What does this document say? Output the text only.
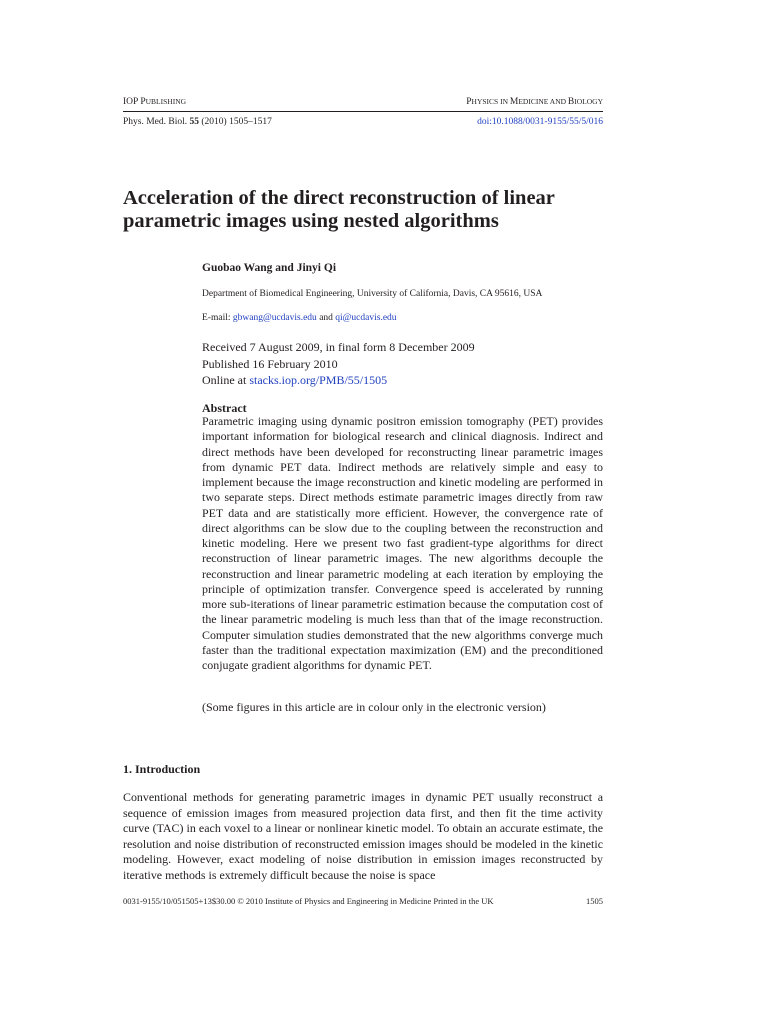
IOP PUBLISHING	PHYSICS IN MEDICINE AND BIOLOGY
Phys. Med. Biol. 55 (2010) 1505–1517	doi:10.1088/0031-9155/55/5/016
Acceleration of the direct reconstruction of linear parametric images using nested algorithms
Guobao Wang and Jinyi Qi
Department of Biomedical Engineering, University of California, Davis, CA 95616, USA
E-mail: gbwang@ucdavis.edu and qi@ucdavis.edu
Received 7 August 2009, in final form 8 December 2009
Published 16 February 2010
Online at stacks.iop.org/PMB/55/1505
Abstract

Parametric imaging using dynamic positron emission tomography (PET) provides important information for biological research and clinical diagnosis. Indirect and direct methods have been developed for reconstructing linear parametric images from dynamic PET data. Indirect methods are relatively simple and easy to implement because the image reconstruction and kinetic modeling are performed in two separate steps. Direct methods estimate parametric images directly from raw PET data and are statistically more efficient. However, the convergence rate of direct algorithms can be slow due to the coupling between the reconstruction and kinetic modeling. Here we present two fast gradient-type algorithms for direct reconstruction of linear parametric images. The new algorithms decouple the reconstruction and linear parametric modeling at each iteration by employing the principle of optimization transfer. Convergence speed is accelerated by running more sub-iterations of linear parametric estimation because the computation cost of the linear parametric modeling is much less than that of the image reconstruction. Computer simulation studies demonstrated that the new algorithms converge much faster than the traditional expectation maximization (EM) and the preconditioned conjugate gradient algorithms for dynamic PET.

(Some figures in this article are in colour only in the electronic version)
1. Introduction

Conventional methods for generating parametric images in dynamic PET usually reconstruct a sequence of emission images from measured projection data first, and then fit the time activity curve (TAC) in each voxel to a linear or nonlinear kinetic model. To obtain an accurate estimate, the resolution and noise distribution of reconstructed emission images should be modeled in the kinetic modeling. However, exact modeling of noise distribution in emission images reconstructed by iterative methods is extremely difficult because the noise is space

0031-9155/10/051505+13$30.00 © 2010 Institute of Physics and Engineering in Medicine Printed in the UK	1505
